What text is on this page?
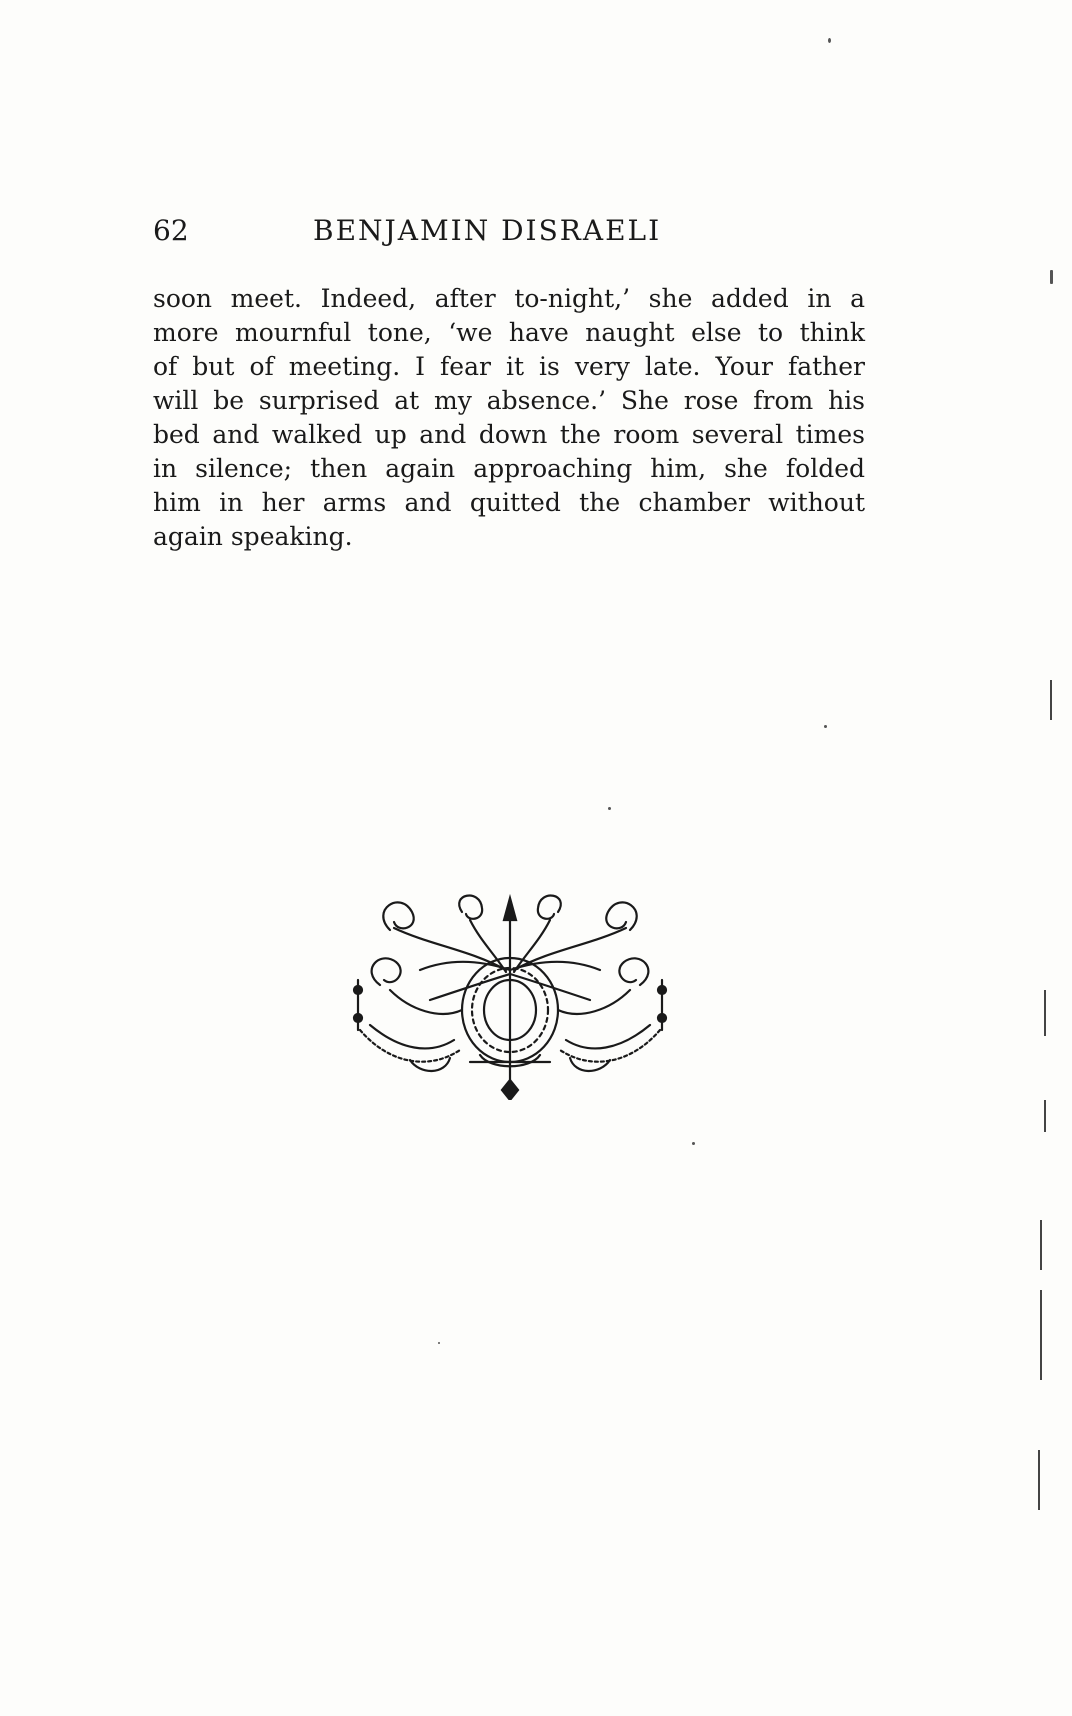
62	BENJAMIN DISRAELI
soon meet. Indeed, after to-night,’ she added in a
more mournful tone, ‘we have naught else to think
of but of meeting. I fear it is very late. Your father
will be surprised at my absence.’ She rose from his
bed and walked up and down the room several times
in silence; then again approaching him, she folded
him in her arms and quitted the chamber without
again speaking.
